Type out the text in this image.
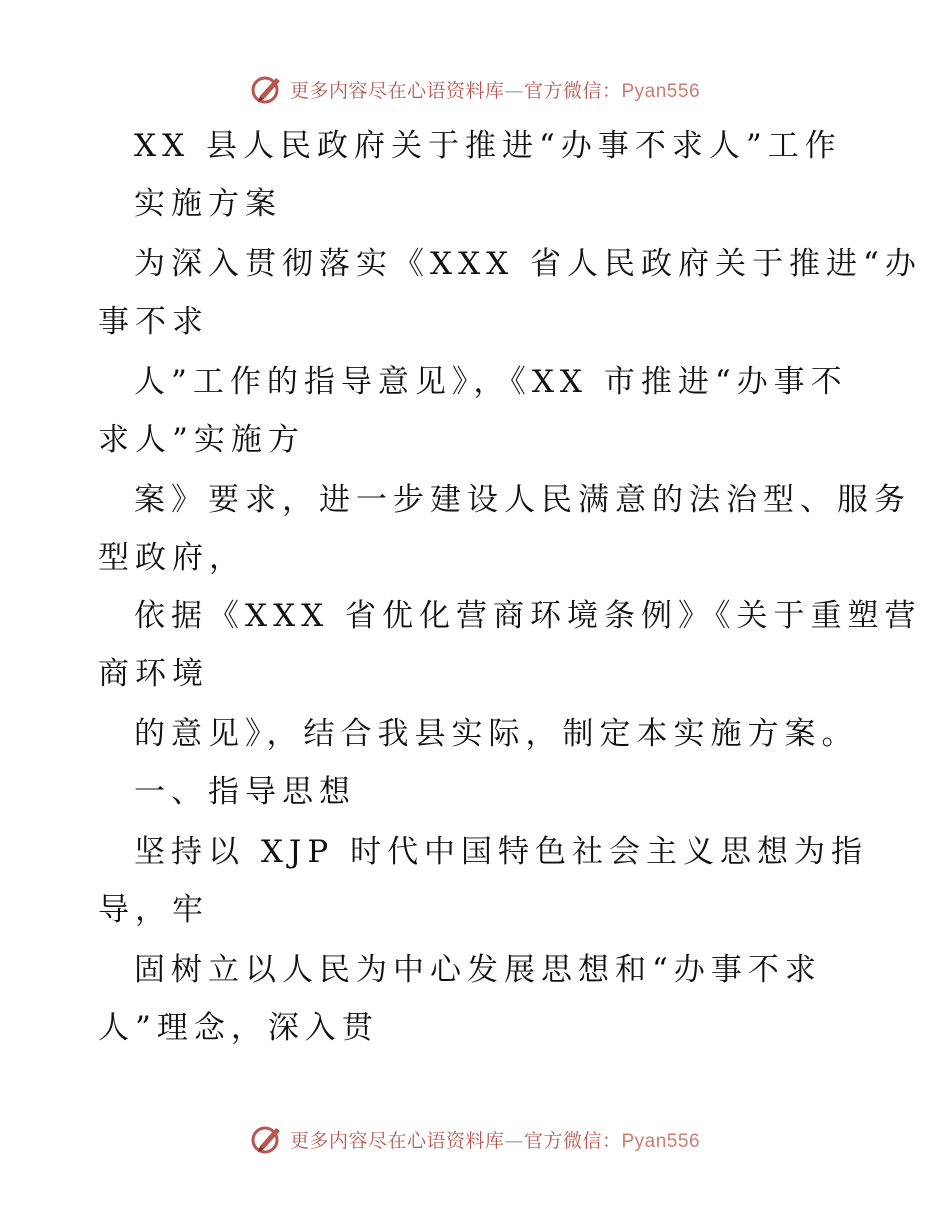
更多内容尽在心语资料库—官方微信：Pyan556
XX 县人民政府关于推进“办事不求人”工作
实施方案
为深入贯彻落实《XXX 省人民政府关于推进“办
事不求
人”工作的指导意见》，《XX 市推进“办事不
求人”实施方
案》要求，进一步建设人民满意的法治型、服务
型政府，
依据《XXX 省优化营商环境条例》《关于重塑营
商环境
的意见》，结合我县实际，制定本实施方案。
一、指导思想
坚持以 XJP 时代中国特色社会主义思想为指
导，牢
固树立以人民为中心发展思想和“办事不求
人”理念，深入贯
更多内容尽在心语资料库—官方微信：Pyan556
